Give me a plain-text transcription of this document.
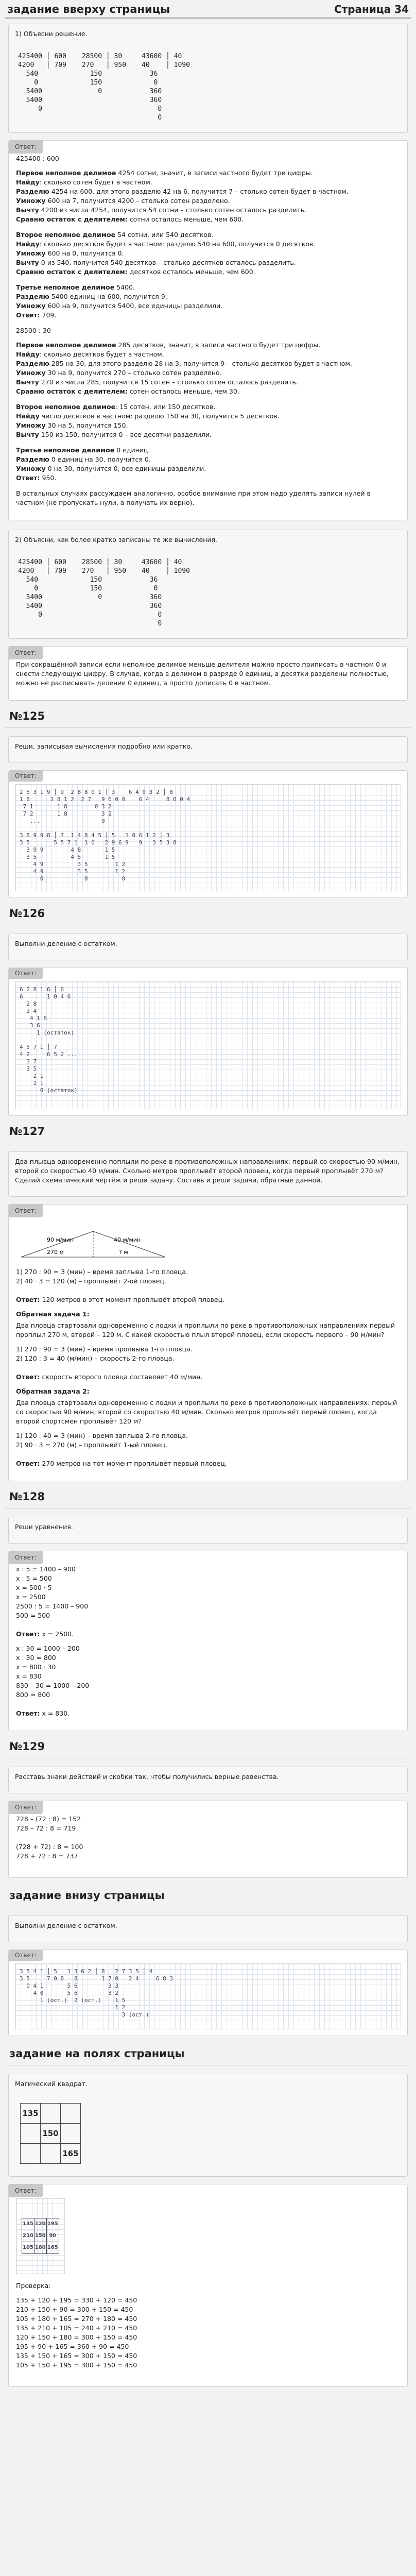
задание вверху страницы	Страница 34

1) Объясни решение.

425400 │ 600
4200   │ 709
540
0
5400
5400
0
28500 │ 30
270   │ 950
150
150
0
43600 │ 40
40    │ 1090
36
0
360
360
0
0
Ответ:

425400 : 600

Первое неполное делимое 4254 сотни, значит, в записи частного будет три цифры.

Найду: сколько сотен будет в частном.

Разделю 4254 на 600, для этого разделю 42 на 6, получится 7 – столько сотен будет в частном.

Умножу 600 на 7, получится 4200 – столько сотен разделено.

Вычту 4200 из числа 4254, получится 54 сотни – столько сотен осталось разделить.

Сравню остаток с делителем: сотни осталось меньше, чем 600.

Второе неполное делимое 54 сотни, или 540 десятков.

Найду: сколько десятков будет в частном: разделю 540 на 600, получится 0 десятков.

Умножу 600 на 0, получится 0.

Вычту 0 из 540, получится 540 десятков – столько десятков осталось разделить.

Сравню остаток с делителем: десятков осталось меньше, чем 600.

Третье неполное делимое 5400.

Разделю 5400 единиц на 600, получится 9.

Умножу 600 на 9, получится 5400, все единицы разделили.

Ответ: 709.

28500 : 30

Первое неполное делимое 285 десятков, значит, в записи частного будет три цифры.

Найду: сколько десятков будет в частном.

Разделю 285 на 30, для этого разделю 28 на 3, получится 9 – столько десятков будет в частном.

Умножу 30 на 9, получится 270 – столько сотен разделено.

Вычту 270 из числа 285, получится 15 сотен – столько сотен осталось разделить.

Сравню остаток с делителем: сотен осталось меньше, чем 30.

Второе неполное делимое: 15 сотен, или 150 десятков.

Найду число десятков в частном: разделю 150 на 30, получится 5 десятков.

Умножу 30 на 5, получится 150.

Вычту 150 из 150, получится 0 – все десятки разделили.

Третье неполное делимое 0 единиц.

Разделю 0 единиц на 30, получится 0.

Умножу 0 на 30, получится 0, все единицы разделили.

Ответ: 950.

В остальных случаях рассуждаем аналогично, особое внимание при этом надо уделять записи нулей в частном (не пропускать нули, а получать их верно).

2) Объясни, как более кратко записаны те же вычисления.

425400 │ 600
4200   │ 709
540
0
5400
5400
0
28500 │ 30
270   │ 950
150
150
0
43600 │ 40
40    │ 1090
36
0
360
360
0
0
Ответ:

При сокращённой записи если неполное делимое меньше делителя можно просто приписать в частном 0 и снести следующую цифру. В случае, когда в делимом в разряде 0 единиц, а десятки разделены полностью, можно не расписывать деление 0 единиц, а просто дописать 0 в частном.

№125

Реши, записывая вычисления подробно или кратко.

Ответ:
2 5 3 1 9 │ 9  2 8 8 0 1 │ 3    6 4 0 3 2 │ 8
1 8      2 8 1 2  2 7   9 6 0 0    6 4     8 0 0 4
7 1       1 8        0 3 2
7 2       1 8          3 2
...                  0

3 8 9 9 8 │ 7  1 4 8 4 5 │ 5   1 0 6 1 2 │ 3
3 5       5 5 7 1  1 0   2 9 6 9   9   3 5 3 8
3 9 9        4 8       1 5
3 5          4 5       1 5
4 9          3 5        1 2
4 9          3 5        1 2
0            0          0
№126

Выполни деление с остатком.

Ответ:
6 2 8 1 6 │ 6
6       1 0 4 6
2 8
2 4
4 1 6
3 6
1 (остаток)

4 5 7 1 │ 7
4 2     6 5 2 ...
3 7
3 5
2 1
2 1
0 (остаток)
№127

Два плывца одновременно поплыли по реке в противоположных направлениях: первый со скоростью 90 м/мин, второй со скоростью 40 м/мин. Сколько метров проплывёт второй пловец, когда первый проплывёт 270 м? Сделай схематический чертёж и реши задачу. Составь и реши задачи, обратные данной.

Ответ:
90 м/мин	40 м/мин
270 м	? м

1) 270 : 90 = 3 (мин) – время заплыва 1-го пловца.

2) 40 · 3 = 120 (м) – проплывёт 2-ой пловец.

Ответ: 120 метров в этот момент проплывёт второй пловец.

Обратная задача 1:

Два пловца стартовали одновременно с лодки и проплыли по реке в противоположных направлениях первый проплыл 270 м, второй – 120 м. С какой скоростью плыл второй пловец, если скорость первого – 90 м/мин?

1) 270 : 90 = 3 (мин) – время пропвыва 1-го пловца.

2) 120 : 3 = 40 (м/мин) – скорость 2-го пловца.

Ответ: скорость второго пловца составляет 40 м/мин.

Обратная задача 2:

Два пловца стартовали одновременно с лодки и проплыли по реке в противоположных направлениях: первый со скоростью 90 м/мин, второй со скоростью 40 м/мин. Сколько метров проплывёт первый пловец, когда второй спортсмен проплывёт 120 м?

1) 120 : 40 = 3 (мин) – время заплыва 2-го пловца.

2) 90 · 3 = 270 (м) – проплывёт 1-ый пловец.

Ответ: 270 метров на тот момент проплывёт первый пловец.

№128

Реши уравнения.

Ответ:

x : 5 = 1400 – 900

x : 5 = 500

x = 500 · 5

x = 2500

2500 : 5 = 1400 – 900

500 = 500

Ответ: x = 2500.

x : 30 = 1000 – 200

x : 30 = 800

x = 800 · 30

x = 830

830 – 30 = 1000 – 200

800 = 800

Ответ: x = 830.

№129

Расставь знаки действий и скобки так, чтобы получились верные равенства.

Ответ:

728 – (72 : 8) = 152

728 – 72 : 8 = 719

(728 + 72) : 8 = 100

728 + 72 : 8 = 737

задание внизу страницы

Выполни деление с остатком.

Ответ:
3 5 4 1 │ 5   1 3 6 2 │ 8   2 7 3 5 │ 4
3 5     7 0 8   8       1 7 0   2 4     6 8 3
0 4 1       5 6         3 3
4 0       5 6         3 2
1 (ост.)  2 (ост.)    1 5
1 2
3 (ост.)
задание на полях страницы

Магический квадрат.

135		
	150	
		165
Ответ:

135	120	195
210	150	90
105	180	165

Проверка:

135 + 120 + 195 = 330 + 120 = 450

210 + 150 + 90 = 300 + 150 = 450

105 + 180 + 165 = 270 + 180 = 450

135 + 210 + 105 = 240 + 210 = 450

120 + 150 + 180 = 300 + 150 = 450

195 + 90 + 165 = 360 + 90 = 450

135 + 150 + 165 = 300 + 150 = 450

105 + 150 + 195 = 300 + 150 = 450
